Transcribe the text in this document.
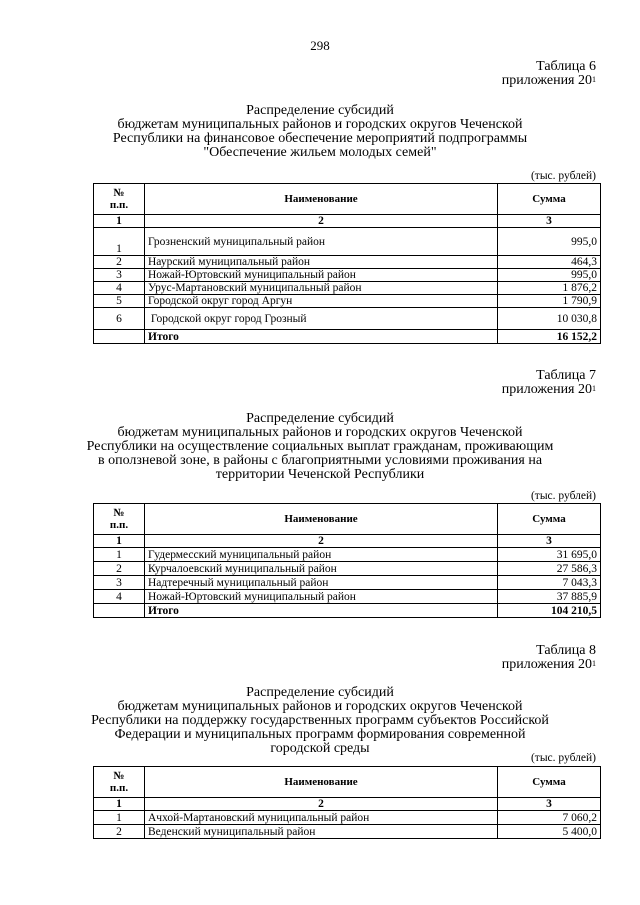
298
Таблица 6
приложения $20^1$
Распределение субсидий
бюджетам муниципальных районов и городских округов Чеченской
Республики на финансовое обеспечение мероприятий подпрограммы
"Обеспечение жильем молодых семей"
(тыс. рублей)
№
п.п.	Наименование	Сумма
1	2	3
1	Грозненский муниципальный район	995,0
2	Наурский муниципальный район	464,3
3	Ножай-Юртовский муниципальный район	995,0
4	Урус-Мартановский муниципальный район	1 876,2
5	Городской округ город Аргун	1 790,9
6	Городской округ город Грозный	10 030,8
	Итого	16 152,2
Таблица 7
приложения $20^1$
Распределение субсидий
бюджетам муниципальных районов и городских округов Чеченской
Республики на осуществление социальных выплат гражданам, проживающим
в оползневой зоне, в районы с благоприятными условиями проживания на
территории Чеченской Республики
(тыс. рублей)
№
п.п.	Наименование	Сумма
1	2	3
1	Гудермесский муниципальный район	31 695,0
2	Курчалоевский муниципальный район	27 586,3
3	Надтеречный муниципальный район	7 043,3
4	Ножай-Юртовский муниципальный район	37 885,9
	Итого	104 210,5
Таблица 8
приложения $20^1$
Распределение субсидий
бюджетам муниципальных районов и городских округов Чеченской
Республики на поддержку государственных программ субъектов Российской
Федерации и муниципальных программ формирования современной
городской среды
(тыс. рублей)
№
п.п.	Наименование	Сумма
1	2	3
1	Ачхой-Мартановский муниципальный район	7 060,2
2	Веденский муниципальный район	5 400,0
